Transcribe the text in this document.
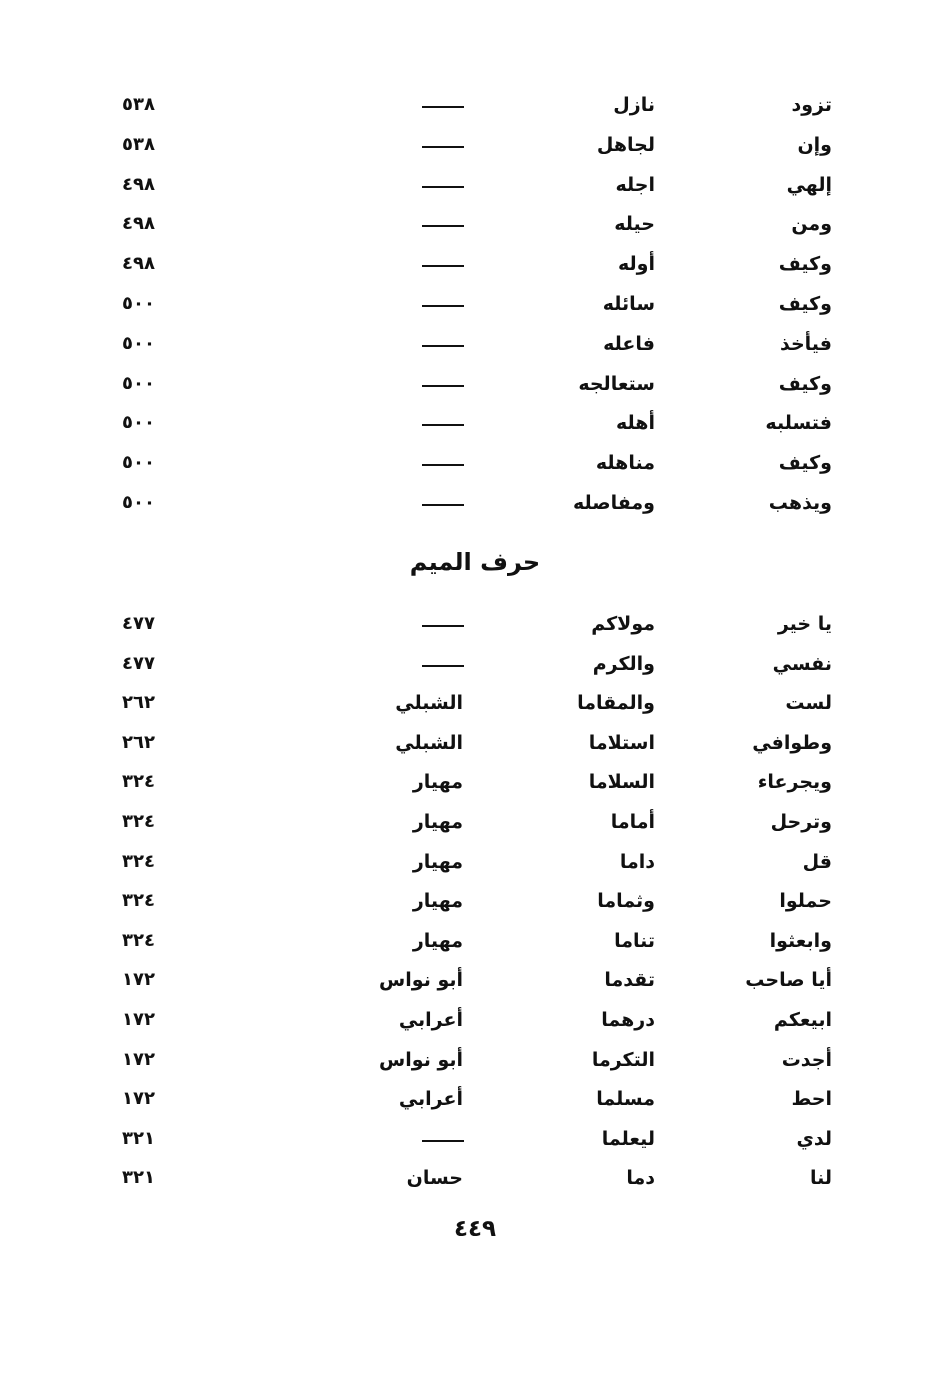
تزود
نازل
٥٣٨
وإن
لجاهل
٥٣٨
إلهي
اجله
٤٩٨
ومن
حيله
٤٩٨
وكيف
أوله
٤٩٨
وكيف
سائله
٥٠٠
فيأخذ
فاعله
٥٠٠
وكيف
ستعالجه
٥٠٠
فتسلبه
أهله
٥٠٠
وكيف
مناهله
٥٠٠
ويذهب
ومفاصله
٥٠٠
حرف الميم
يا خير
مولاكم
٤٧٧
نفسي
والكرم
٤٧٧
لست
والمقاما
الشبلي
٢٦٢
وطوافي
استلاما
الشبلي
٢٦٢
ويجرعاء
السلاما
مهيار
٣٢٤
وترحل
أماما
مهيار
٣٢٤
قل
داما
مهيار
٣٢٤
حملوا
وثماما
مهيار
٣٢٤
وابعثوا
تناما
مهيار
٣٢٤
أيا صاحب
تقدما
أبو نواس
١٧٢
ابيعكم
درهما
أعرابي
١٧٢
أجدت
التكرما
أبو نواس
١٧٢
احط
مسلما
أعرابي
١٧٢
لدي
ليعلما
٣٢١
لنا
دما
حسان
٣٢١
٤٤٩
